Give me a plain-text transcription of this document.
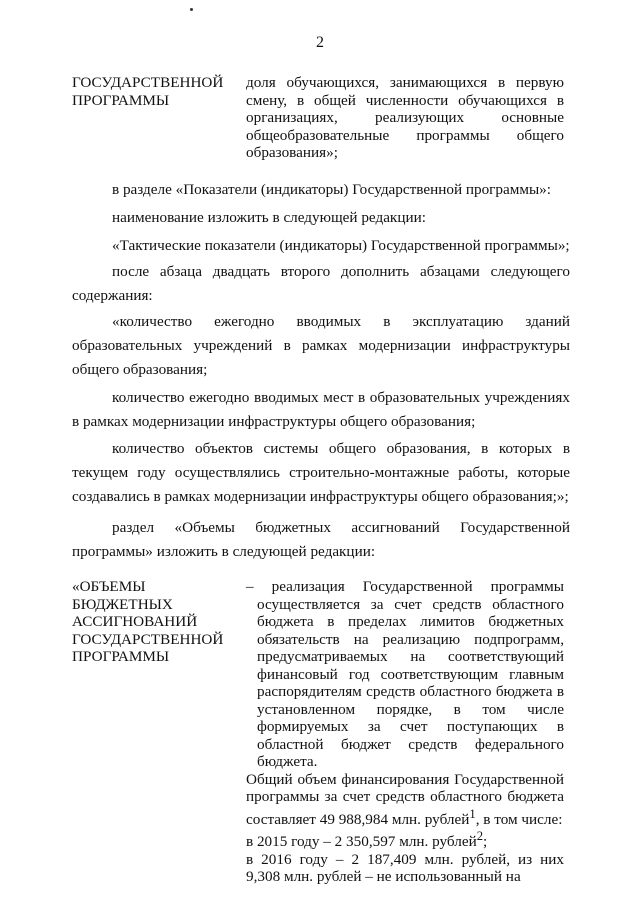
2
ГОСУДАРСТВЕННОЙ ПРОГРАММЫ
доля обучающихся, занимающихся в первую смену, в общей численности обучающихся в организациях, реализующих основные общеобразовательные программы общего образования»;

в разделе «Показатели (индикаторы) Государственной программы»:

наименование изложить в следующей редакции:

«Тактические показатели (индикаторы) Государственной программы»;

после абзаца двадцать второго дополнить абзацами следующего содержания:

«количество ежегодно вводимых в эксплуатацию зданий образовательных учреждений в рамках модернизации инфраструктуры общего образования;

количество ежегодно вводимых мест в образовательных учреждениях в рамках модернизации инфраструктуры общего образования;

количество объектов системы общего образования, в которых в текущем году осуществлялись строительно-монтажные работы, которые создавались в рамках модернизации инфраструктуры общего образования;»;

раздел «Объемы бюджетных ассигнований Государственной программы» изложить в следующей редакции:

«ОБЪЕМЫ БЮДЖЕТНЫХ АССИГНОВАНИЙ ГОСУДАРСТВЕННОЙ ПРОГРАММЫ

– реализация Государственной программы осуществляется за счет средств областного бюджета в пределах лимитов бюджетных обязательств на реализацию подпрограмм, предусматриваемых на соответствующий финансовый год соответствующим главным распорядителям средств областного бюджета в установленном порядке, в том числе формируемых за счет поступающих в областной бюджет средств федерального бюджета.

Общий объем финансирования Государственной программы за счет средств областного бюджета составляет 49 988,984 млн. рублей$^1$, в том числе:

в 2015 году – 2 350,597 млн. рублей$^2$;

в 2016 году – 2 187,409 млн. рублей, из них 9,308 млн. рублей – не использованный на
